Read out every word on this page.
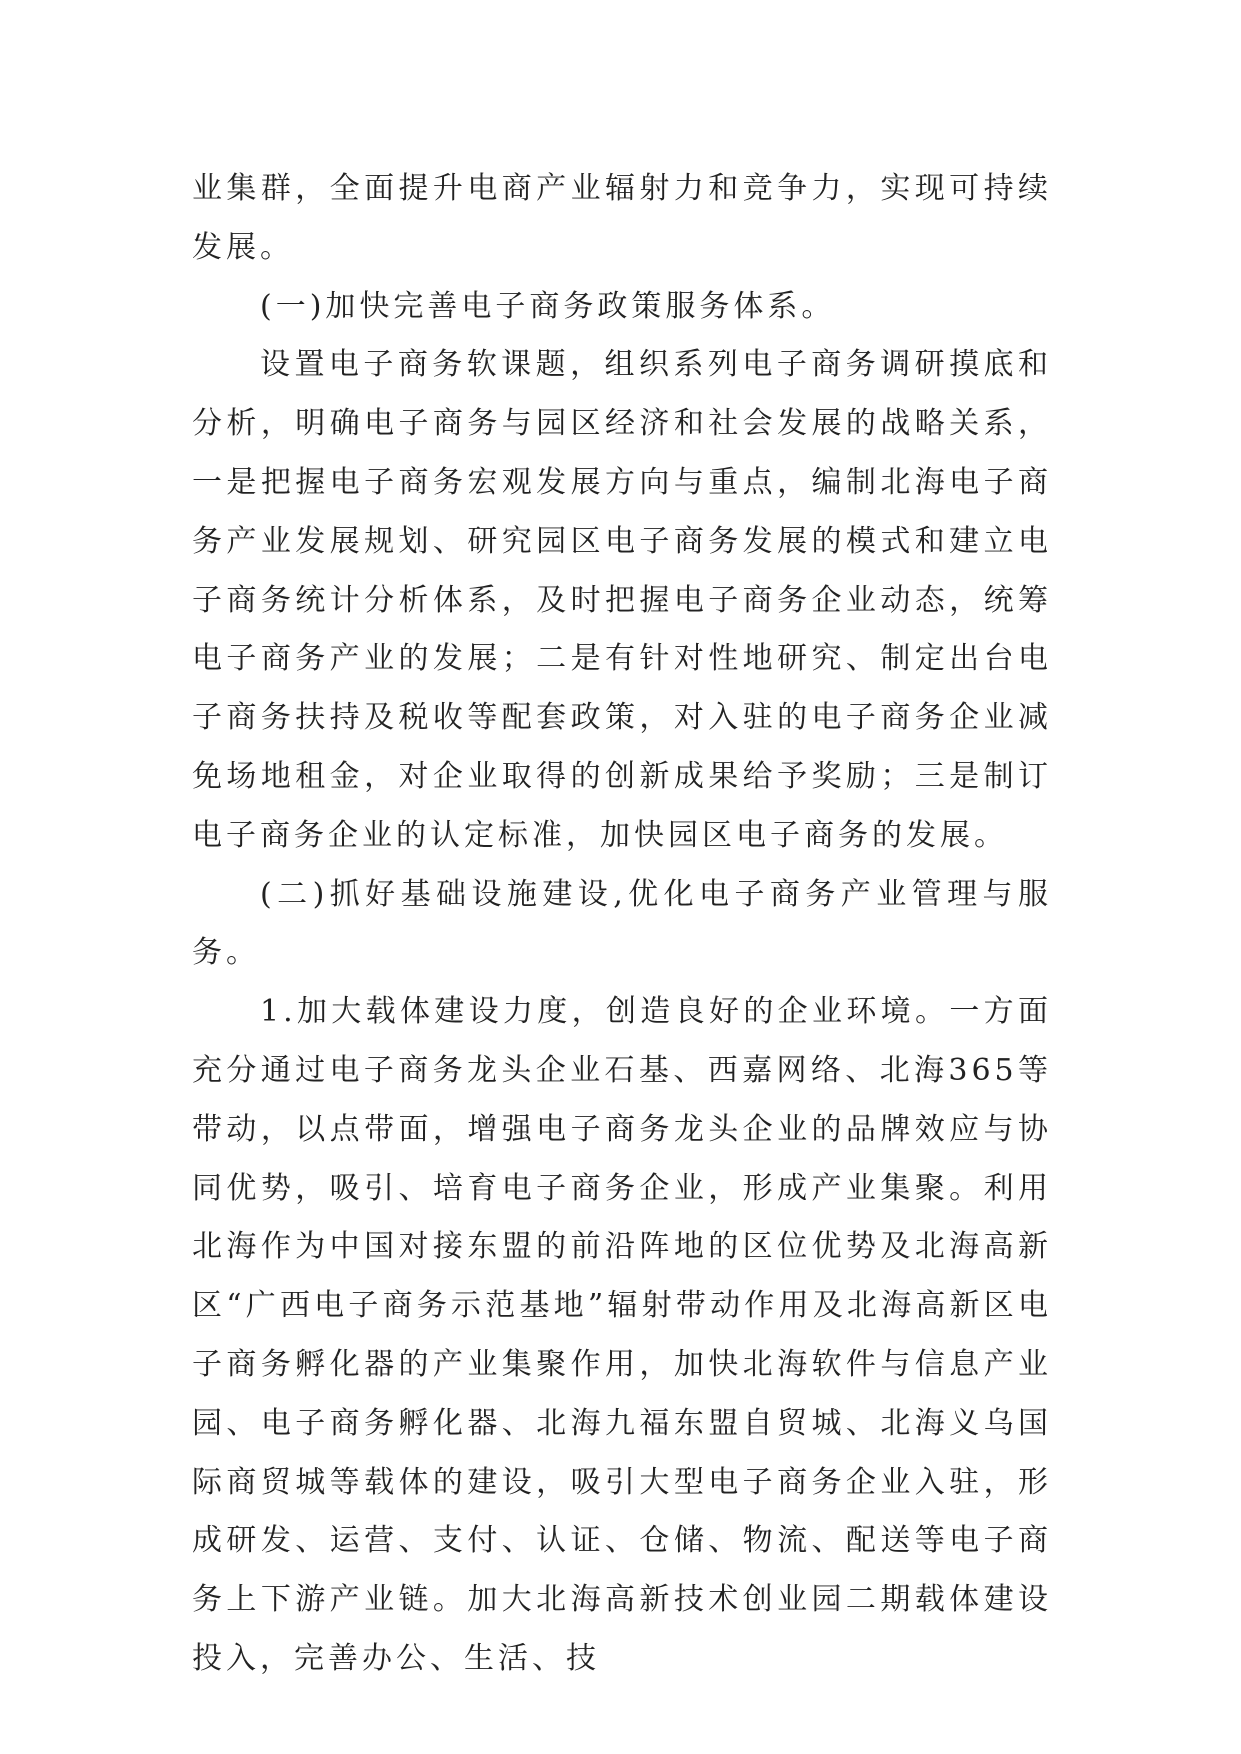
业集群，全面提升电商产业辐射力和竞争力，实现可持续发展。

(一)加快完善电子商务政策服务体系。

设置电子商务软课题，组织系列电子商务调研摸底和分析，明确电子商务与园区经济和社会发展的战略关系，一是把握电子商务宏观发展方向与重点，编制北海电子商务产业发展规划、研究园区电子商务发展的模式和建立电子商务统计分析体系，及时把握电子商务企业动态，统筹电子商务产业的发展；二是有针对性地研究、制定出台电子商务扶持及税收等配套政策，对入驻的电子商务企业减免场地租金，对企业取得的创新成果给予奖励；三是制订电子商务企业的认定标准，加快园区电子商务的发展。

(二)抓好基础设施建设,优化电子商务产业管理与服务。

1.加大载体建设力度，创造良好的企业环境。一方面充分通过电子商务龙头企业石基、西嘉网络、北海365等带动，以点带面，增强电子商务龙头企业的品牌效应与协同优势，吸引、培育电子商务企业，形成产业集聚。利用北海作为中国对接东盟的前沿阵地的区位优势及北海高新区“广西电子商务示范基地”辐射带动作用及北海高新区电子商务孵化器的产业集聚作用，加快北海软件与信息产业园、电子商务孵化器、北海九福东盟自贸城、北海义乌国际商贸城等载体的建设，吸引大型电子商务企业入驻，形成研发、运营、支付、认证、仓储、物流、配送等电子商务上下游产业链。加大北海高新技术创业园二期载体建设投入，完善办公、生活、技
